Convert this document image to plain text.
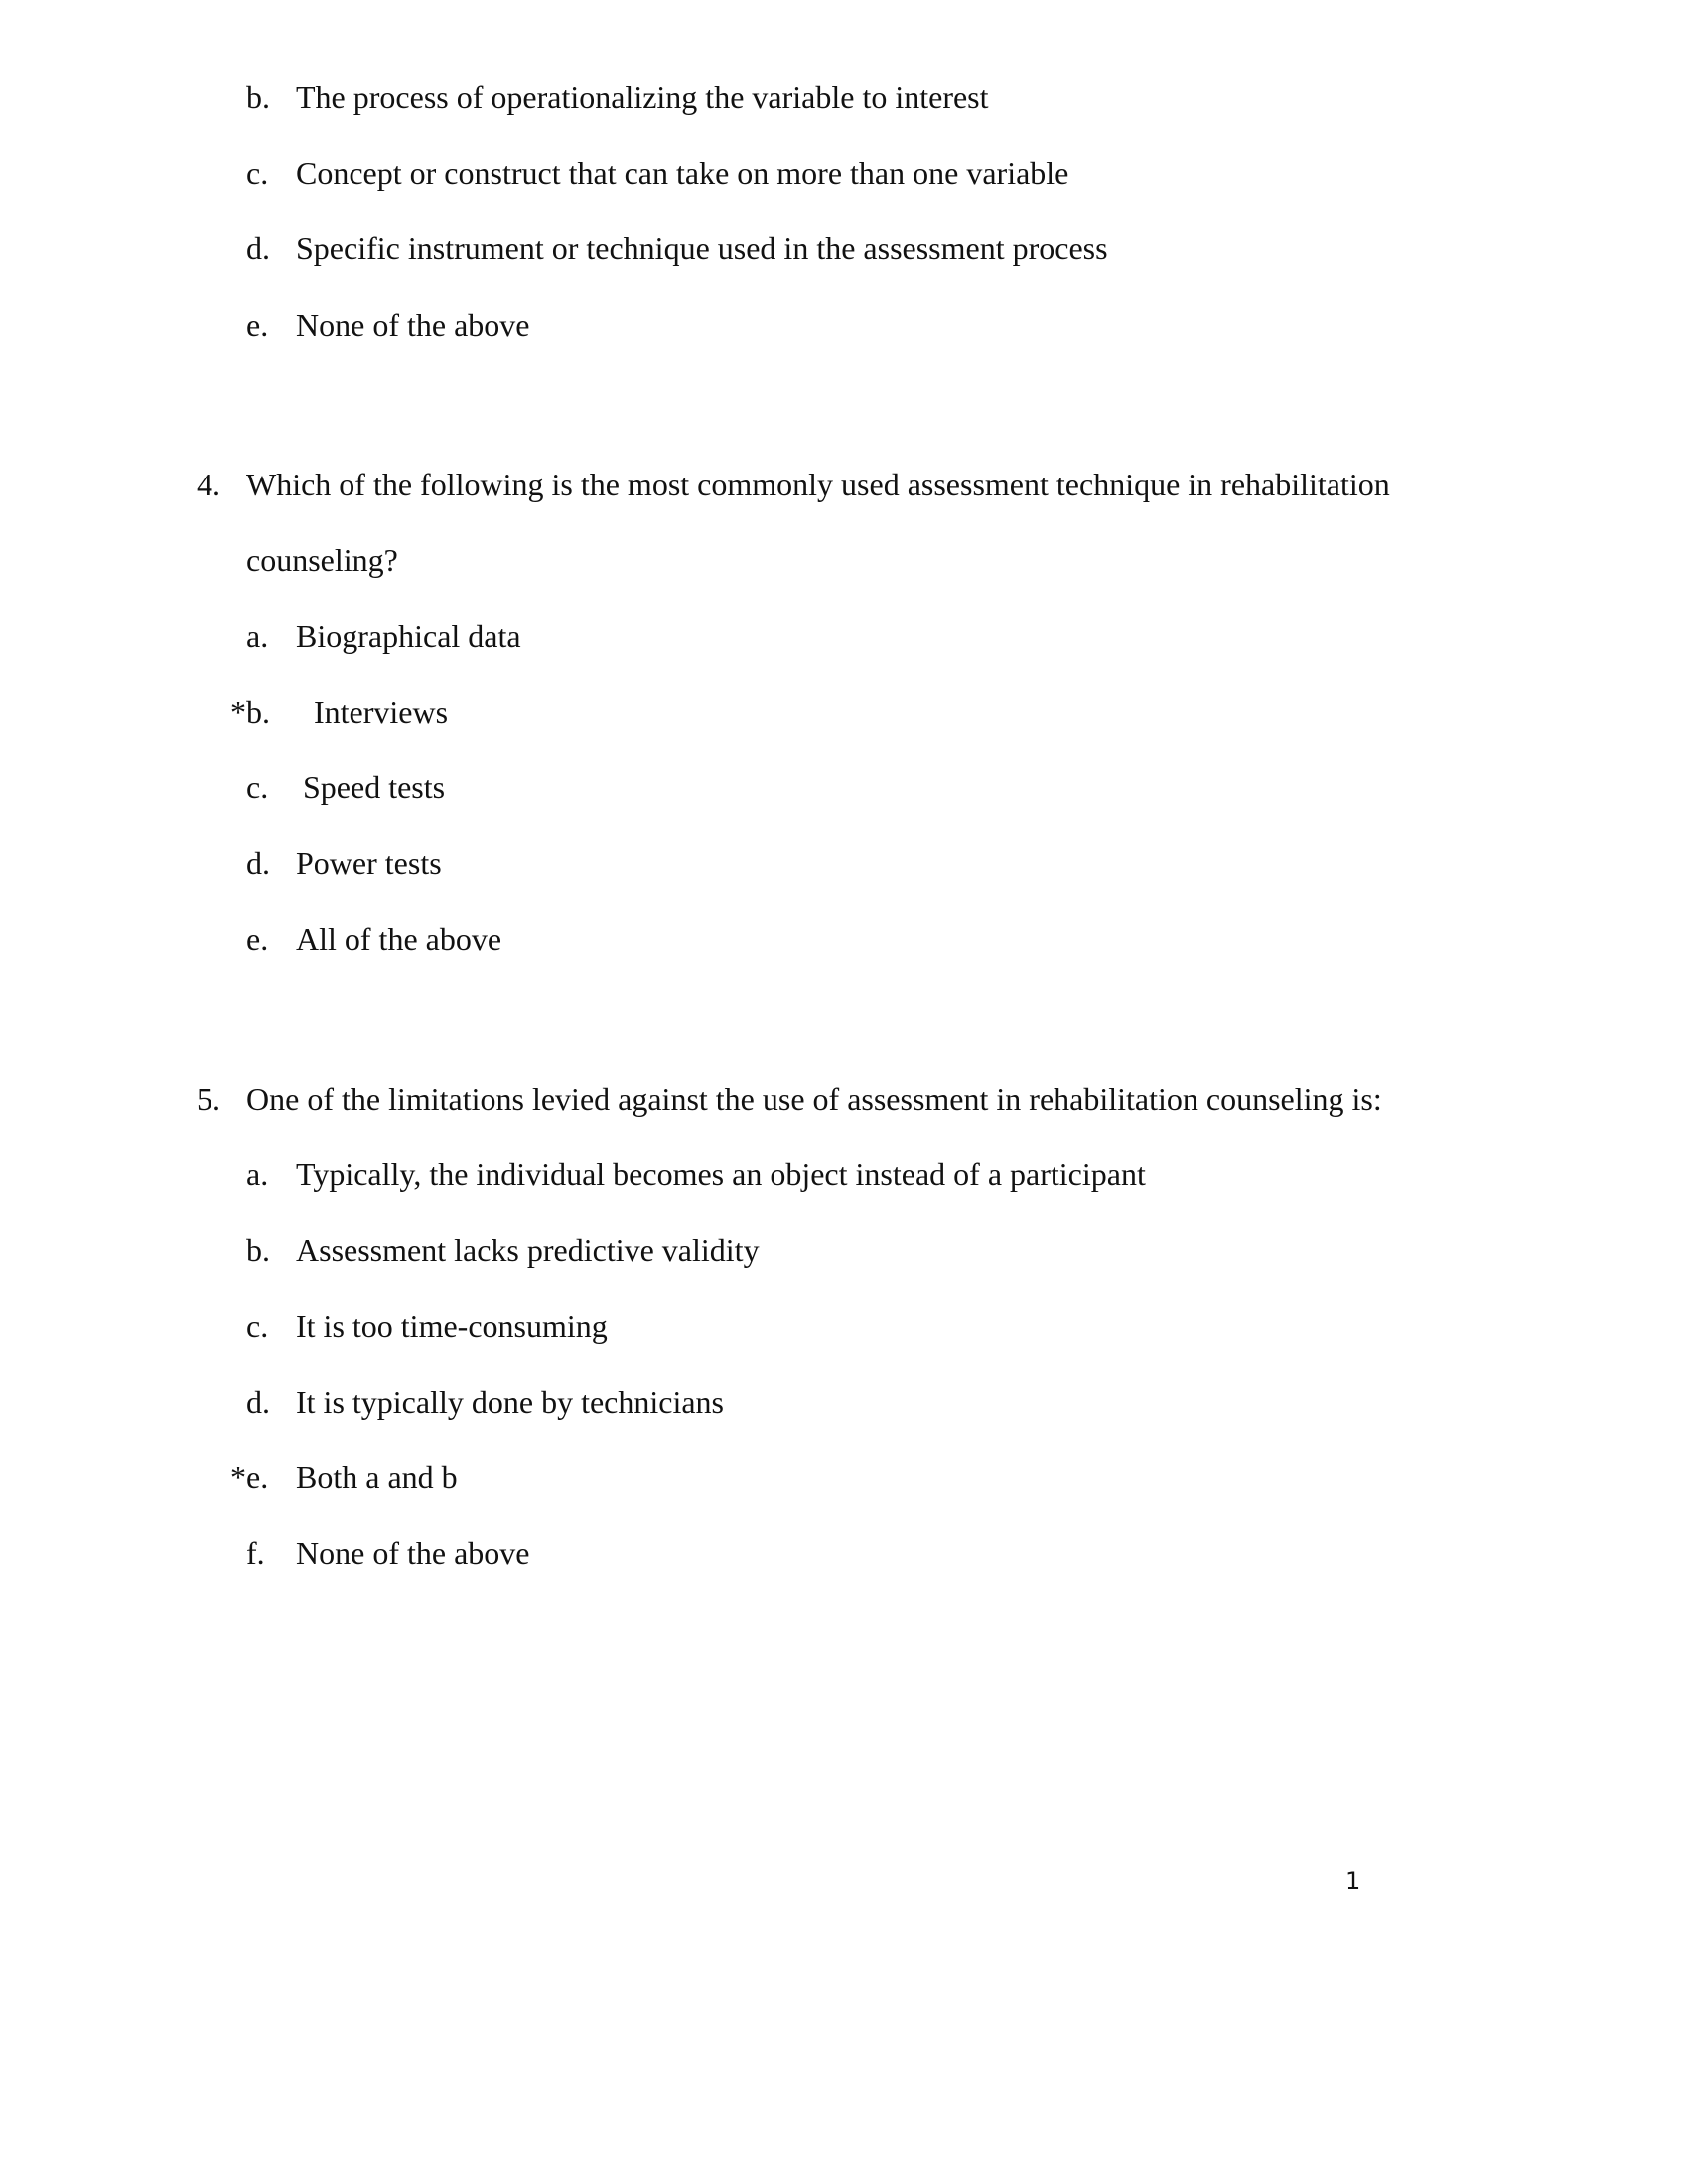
b. The process of operationalizing the variable to interest
c. Concept or construct that can take on more than one variable
d. Specific instrument or technique used in the assessment process
e. None of the above
4. Which of the following is the most commonly used assessment technique in rehabilitation
counseling?
a. Biographical data
*b. Interviews
c. Speed tests
d. Power tests
e. All of the above
5. One of the limitations levied against the use of assessment in rehabilitation counseling is:
a. Typically, the individual becomes an object instead of a participant
b. Assessment lacks predictive validity
c. It is too time-consuming
d. It is typically done by technicians
*e. Both a and b
f. None of the above
1
